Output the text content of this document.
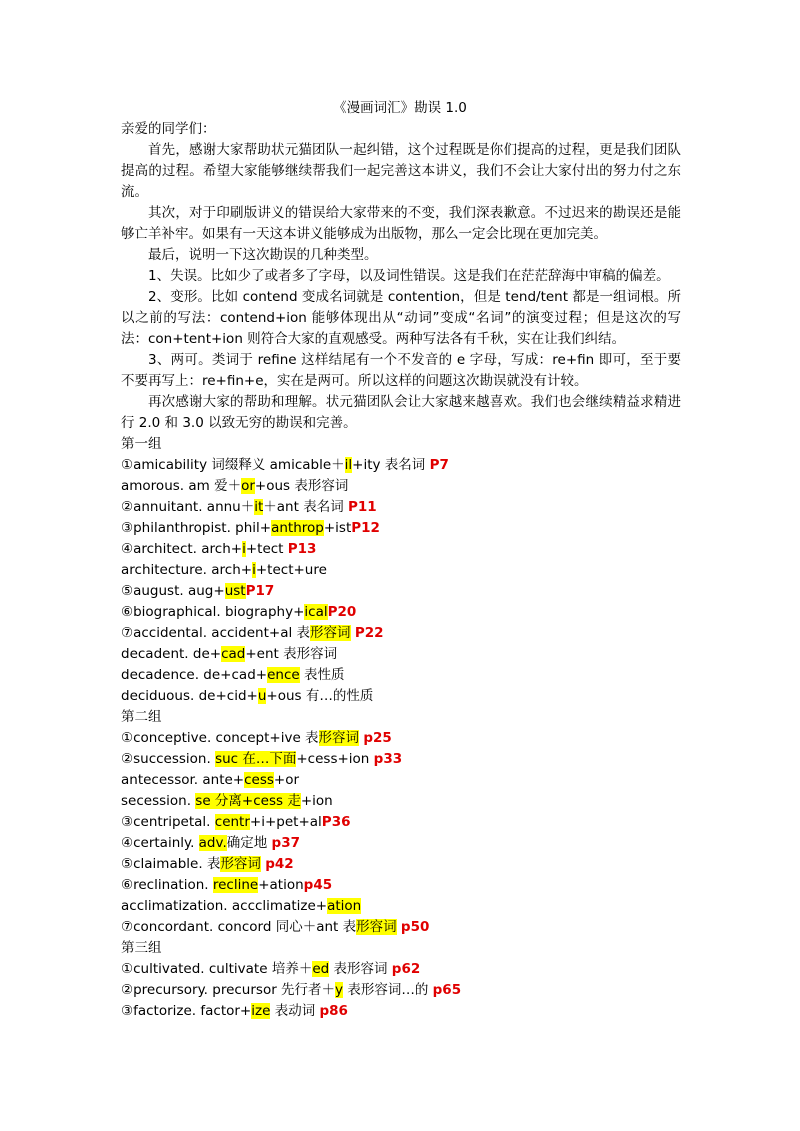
《漫画词汇》勘误 1.0
亲爱的同学们：
首先，感谢大家帮助状元猫团队一起纠错，这个过程既是你们提高的过程，更是我们团队提高的过程。希望大家能够继续帮我们一起完善这本讲义，我们不会让大家付出的努力付之东流。
其次，对于印刷版讲义的错误给大家带来的不变，我们深表歉意。不过迟来的勘误还是能够亡羊补牢。如果有一天这本讲义能够成为出版物，那么一定会比现在更加完美。
最后，说明一下这次勘误的几种类型。
1、失误。比如少了或者多了字母，以及词性错误。这是我们在茫茫辞海中审稿的偏差。
2、变形。比如 contend 变成名词就是 contention，但是 tend/tent 都是一组词根。所以之前的写法：contend+ion 能够体现出从“动词”变成“名词”的演变过程；但是这次的写法：con+tent+ion 则符合大家的直观感受。两种写法各有千秋，实在让我们纠结。
3、两可。类词于 refine 这样结尾有一个不发音的 e 字母，写成：re+fin 即可，至于要不要再写上：re+fin+e，实在是两可。所以这样的问题这次勘误就没有计较。
再次感谢大家的帮助和理解。状元猫团队会让大家越来越喜欢。我们也会继续精益求精进行 2.0 和 3.0 以致无穷的勘误和完善。
第一组
①amicability 词缀释义 amicable＋il+ity 表名词 P7
amorous. am 爱＋or+ous 表形容词
②annuitant. annu＋it＋ant 表名词 P11
③philanthropist. phil+anthrop+istP12
④architect. arch+i+tect P13
architecture. arch+i+tect+ure
⑤august. aug+ustP17
⑥biographical. biography+icalP20
⑦accidental. accident+al 表形容词 P22
decadent. de+cad+ent 表形容词
decadence. de+cad+ence 表性质
deciduous. de+cid+u+ous 有…的性质
第二组
①conceptive. concept+ive 表形容词 p25
②succession. suc 在…下面+cess+ion p33
antecessor. ante+cess+or
secession. se 分离+cess 走+ion
③centripetal. centr+i+pet+alP36
④certainly. adv.确定地 p37
⑤claimable. 表形容词 p42
⑥reclination. recline+ationp45
acclimatization. accclimatize+ation
⑦concordant. concord 同心＋ant 表形容词 p50
第三组
①cultivated. cultivate 培养＋ed 表形容词 p62
②precursory. precursor 先行者＋y 表形容词…的 p65
③factorize. factor+ize 表动词 p86
